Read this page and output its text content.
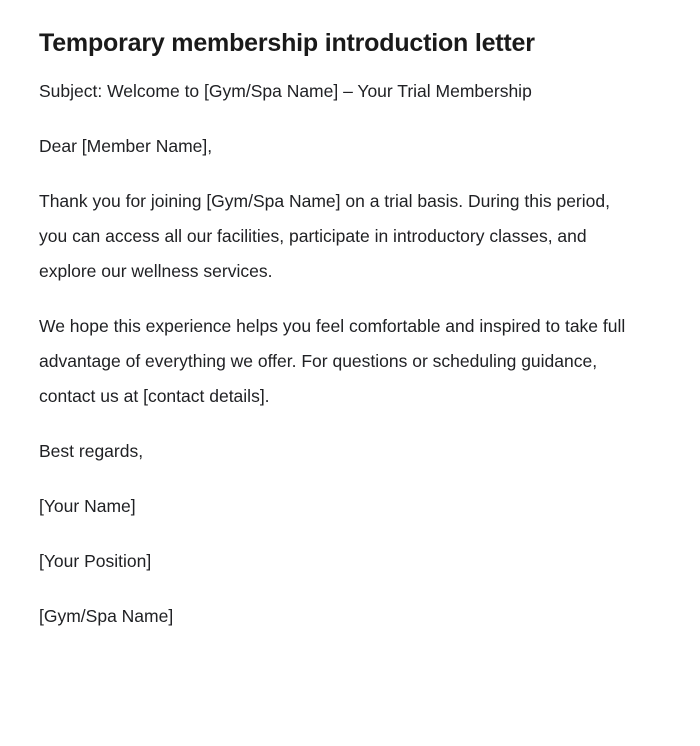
Temporary membership introduction letter

Subject: Welcome to [Gym/Spa Name] – Your Trial Membership

Dear [Member Name],

Thank you for joining [Gym/Spa Name] on a trial basis. During this period, you can access all our facilities, participate in introductory classes, and explore our wellness services.

We hope this experience helps you feel comfortable and inspired to take full advantage of everything we offer. For questions or scheduling guidance, contact us at [contact details].

Best regards,

[Your Name]

[Your Position]

[Gym/Spa Name]
